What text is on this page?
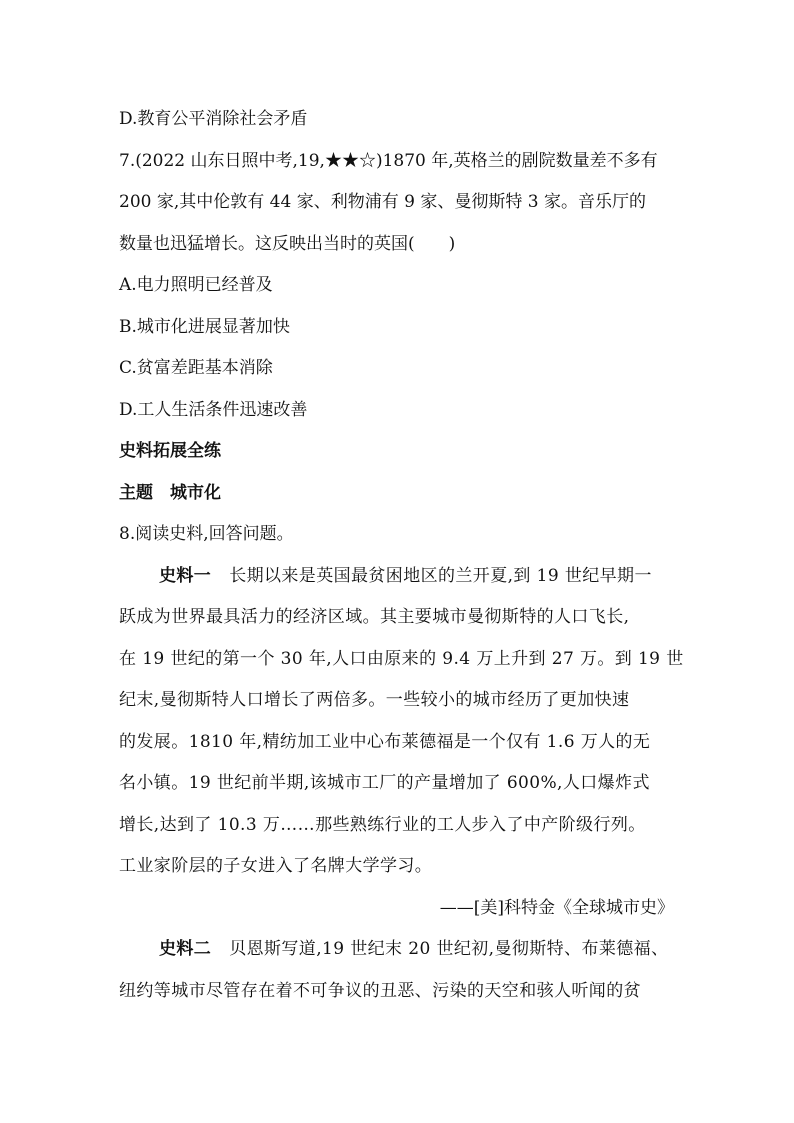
D.教育公平消除社会矛盾
7.(2022 山东日照中考,19,★★☆)1870 年,英格兰的剧院数量差不多有
200 家,其中伦敦有 44 家、利物浦有 9 家、曼彻斯特 3 家。音乐厅的
数量也迅猛增长。这反映出当时的英国(　　)
A.电力照明已经普及
B.城市化进展显著加快
C.贫富差距基本消除
D.工人生活条件迅速改善
史料拓展全练
主题　城市化
8.阅读史料,回答问题。
史料一 长期以来是英国最贫困地区的兰开夏,到 19 世纪早期一
跃成为世界最具活力的经济区域。其主要城市曼彻斯特的人口飞长,
在 19 世纪的第一个 30 年,人口由原来的 9.4 万上升到 27 万。到 19 世
纪末,曼彻斯特人口增长了两倍多。一些较小的城市经历了更加快速
的发展。1810 年,精纺加工业中心布莱德福是一个仅有 1.6 万人的无
名小镇。19 世纪前半期,该城市工厂的产量增加了 600%,人口爆炸式
增长,达到了 10.3 万……那些熟练行业的工人步入了中产阶级行列。
工业家阶层的子女进入了名牌大学学习。
——[美]科特金《全球城市史》
史料二 贝恩斯写道,19 世纪末 20 世纪初,曼彻斯特、布莱德福、
纽约等城市尽管存在着不可争议的丑恶、污染的天空和骇人听闻的贫
